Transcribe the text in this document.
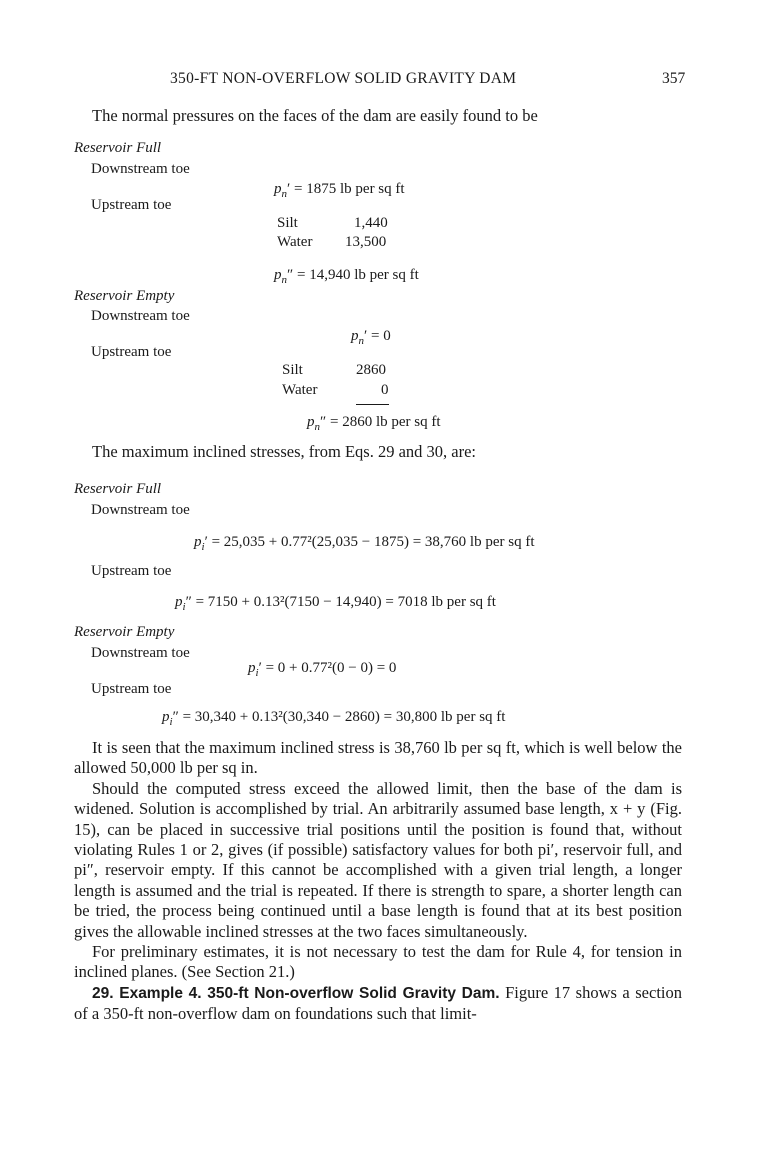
350-FT NON-OVERFLOW SOLID GRAVITY DAM	357
The normal pressures on the faces of the dam are easily found to be
Reservoir Full
Downstream toe
$p_n' = 1875$ lb per sq ft
Upstream toe
Silt	1,440
Water 13,500
$p_n'' = 14,940$ lb per sq ft
Reservoir Empty
Downstream toe
$p_n' = 0$
Upstream toe
Silt	2860
Water	0
$p_n'' = 2860$ lb per sq ft
The maximum inclined stresses, from Eqs. 29 and 30, are:
Reservoir Full
Downstream toe
$p_i' = 25,035 + 0.77^2(25,035 - 1875) = 38,760$ lb per sq ft
Upstream toe
$p_i'' = 7150 + 0.13^2(7150 - 14,940) = 7018$ lb per sq ft
Reservoir Empty
Downstream toe
$p_i' = 0 + 0.77^2(0 - 0) = 0$
Upstream toe
$p_i'' = 30,340 + 0.13^2(30,340 - 2860) = 30,800$ lb per sq ft

It is seen that the maximum inclined stress is 38,760 lb per sq ft, which is well below the allowed 50,000 lb per sq in.

Should the computed stress exceed the allowed limit, then the base of the dam is widened. Solution is accomplished by trial. An arbitrarily assumed base length, x + y (Fig. 15), can be placed in successive trial positions until the position is found that, without violating Rules 1 or 2, gives (if possible) satisfactory values for both pi′, reservoir full, and pi″, reservoir empty. If this cannot be accomplished with a given trial length, a longer length is assumed and the trial is repeated. If there is strength to spare, a shorter length can be tried, the process being continued until a base length is found that at its best position gives the allowable inclined stresses at the two faces simultaneously.

For preliminary estimates, it is not necessary to test the dam for Rule 4, for tension in inclined planes. (See Section 21.)

29. Example 4. 350-ft Non-overflow Solid Gravity Dam. Figure 17 shows a section of a 350-ft non-overflow dam on foundations such that limit-
